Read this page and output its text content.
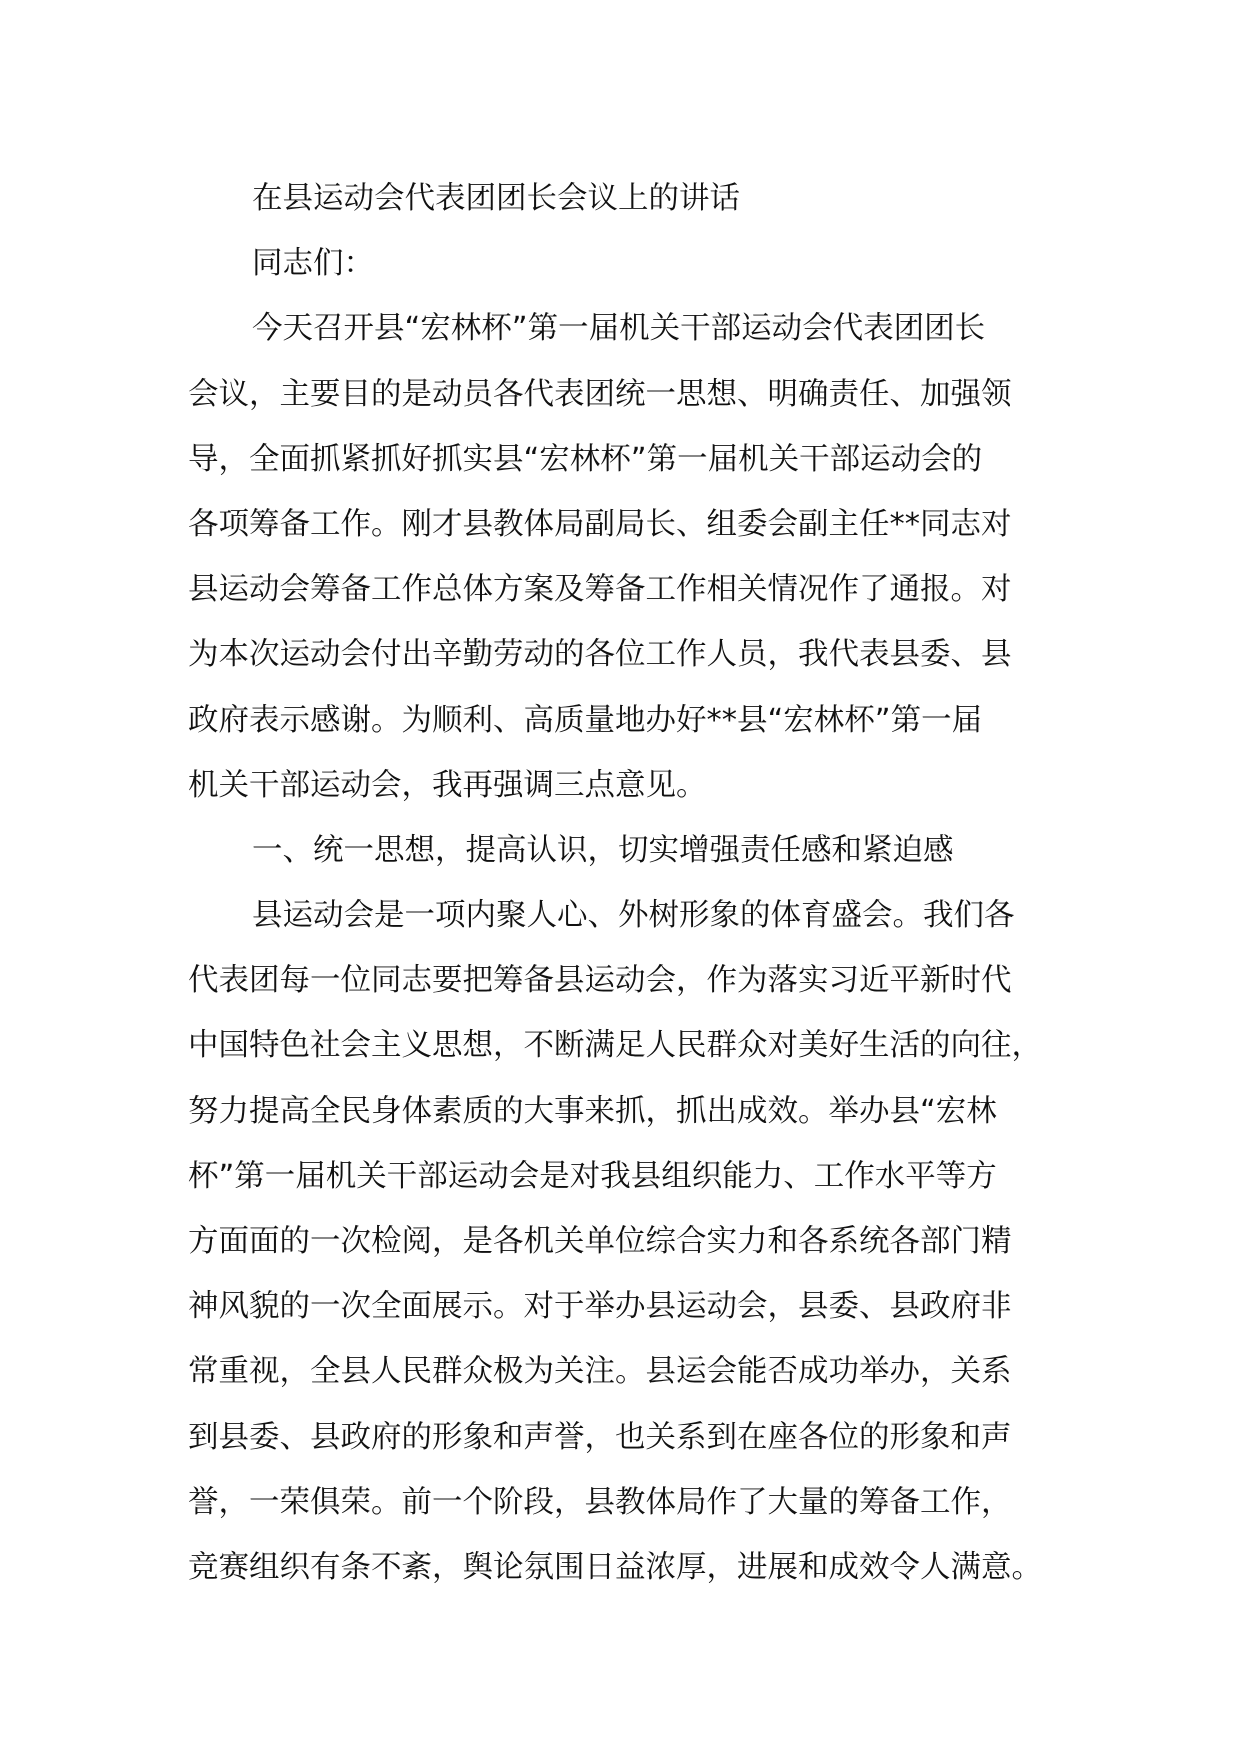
在县运动会代表团团长会议上的讲话
同志们：
今天召开县“宏林杯”第一届机关干部运动会代表团团长
会议，主要目的是动员各代表团统一思想、明确责任、加强领
导，全面抓紧抓好抓实县“宏林杯”第一届机关干部运动会的
各项筹备工作。刚才县教体局副局长、组委会副主任**同志对
县运动会筹备工作总体方案及筹备工作相关情况作了通报。对
为本次运动会付出辛勤劳动的各位工作人员，我代表县委、县
政府表示感谢。为顺利、高质量地办好**县“宏林杯”第一届
机关干部运动会，我再强调三点意见。
一、统一思想，提高认识，切实增强责任感和紧迫感
县运动会是一项内聚人心、外树形象的体育盛会。我们各
代表团每一位同志要把筹备县运动会，作为落实习近平新时代
中国特色社会主义思想，不断满足人民群众对美好生活的向往，
努力提高全民身体素质的大事来抓，抓出成效。举办县“宏林
杯”第一届机关干部运动会是对我县组织能力、工作水平等方
方面面的一次检阅，是各机关单位综合实力和各系统各部门精
神风貌的一次全面展示。对于举办县运动会，县委、县政府非
常重视，全县人民群众极为关注。县运会能否成功举办，关系
到县委、县政府的形象和声誉，也关系到在座各位的形象和声
誉，一荣俱荣。前一个阶段，县教体局作了大量的筹备工作，
竞赛组织有条不紊，舆论氛围日益浓厚，进展和成效令人满意。
